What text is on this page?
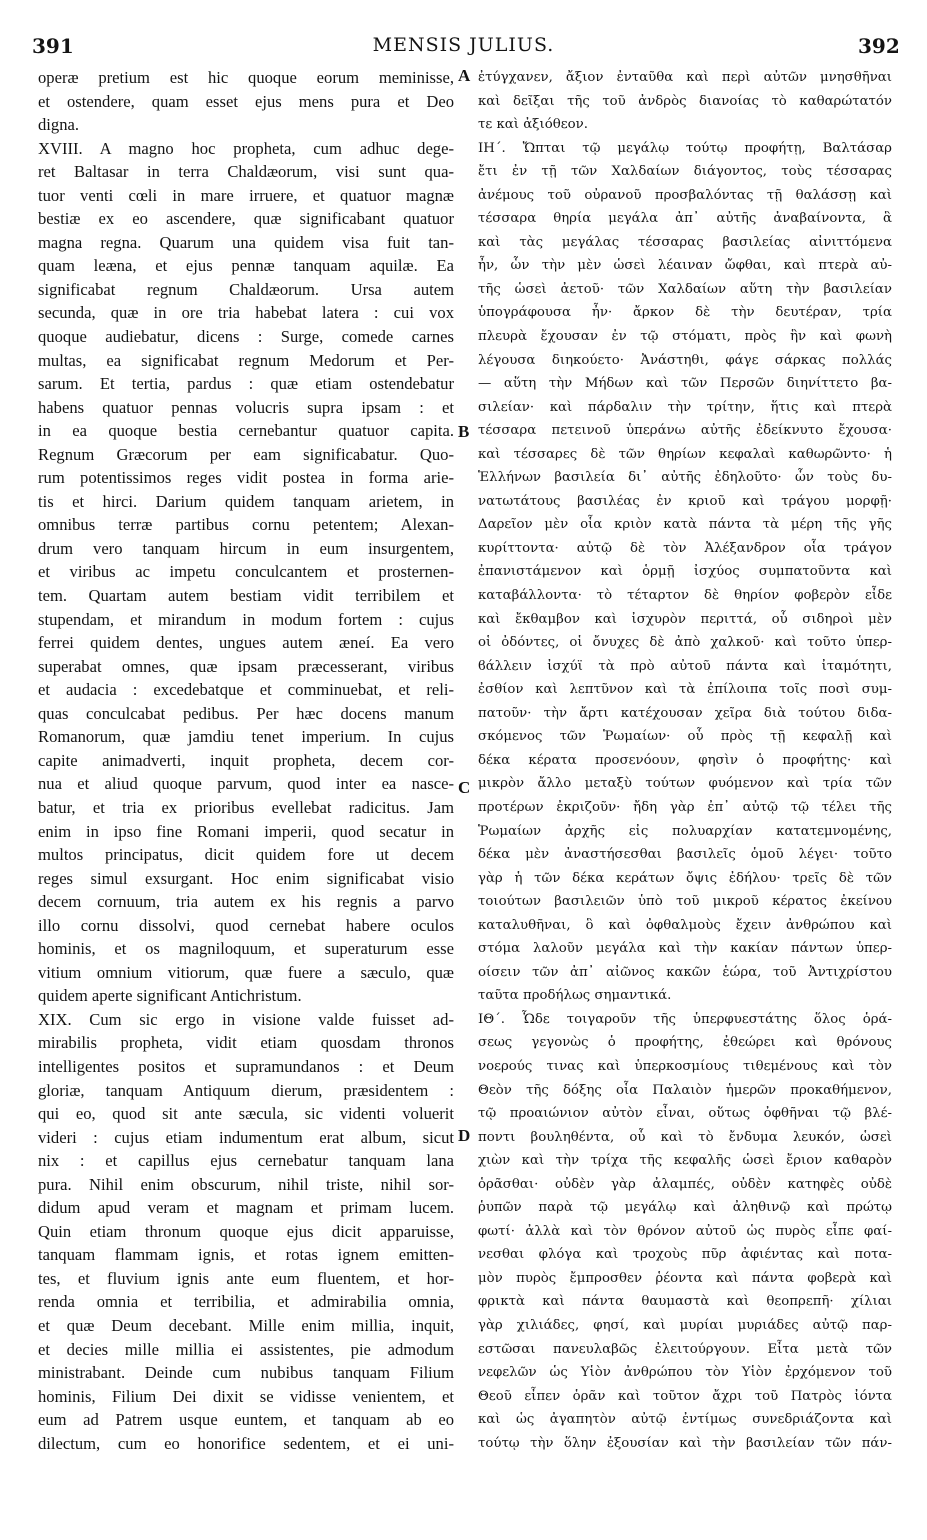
391	MENSIS JULIUS.	392
operæ pretium est hic quoque eorum meminisse,
et ostendere, quam esset ejus mens pura et Deo
digna.
XVIII. A magno hoc propheta, cum adhuc dege-
ret Baltasar in terra Chaldæorum, visi sunt qua-
tuor venti cœli in mare irruere, et quatuor magnæ
bestiæ ex eo ascendere, quæ significabant quatuor
magna regna. Quarum una quidem visa fuit tan-
quam leæna, et ejus pennæ tanquam aquilæ. Ea
significabat regnum Chaldæorum. Ursa autem
secunda, quæ in ore tria habebat latera : cui vox
quoque audiebatur, dicens : Surge, comede carnes
multas, ea significabat regnum Medorum et Per-
sarum. Et tertia, pardus : quæ etiam ostendebatur
habens quatuor pennas volucris supra ipsam : et
in ea quoque bestia cernebantur quatuor capita.
Regnum Græcorum per eam significabatur. Quo-
rum potentissimos reges vidit postea in forma arie-
tis et hirci. Darium quidem tanquam arietem, in
omnibus terræ partibus cornu petentem; Alexan-
drum vero tanquam hircum in eum insurgentem,
et viribus ac impetu conculcantem et prosternen-
tem. Quartam autem bestiam vidit terribilem et
stupendam, et mirandum in modum fortem : cujus
ferrei quidem dentes, ungues autem æneí. Ea vero
superabat omnes, quæ ipsam præcesserant, viribus
et audacia : excedebatque et comminuebat, et reli-
quas conculcabat pedibus. Per hæc docens manum
Romanorum, quæ jamdiu tenet imperium. In cujus
capite animadverti, inquit propheta, decem cor-
nua et aliud quoque parvum, quod inter ea nasce-
batur, et tria ex prioribus evellebat radicitus. Jam
enim in ipso fine Romani imperii, quod secatur in
multos principatus, dicit quidem fore ut decem
reges simul exsurgant. Hoc enim significabat visio
decem cornuum, tria autem ex his regnis a parvo
illo cornu dissolvi, quod cernebat habere oculos
hominis, et os magniloquum, et superaturum esse
vitium omnium vitiorum, quæ fuere a sæculo, quæ
quidem aperte significant Antichristum.
XIX. Cum sic ergo in visione valde fuisset ad-
mirabilis propheta, vidit etiam quosdam thronos
intelligentes positos et supramundanos : et Deum
gloriæ, tanquam Antiquum dierum, præsidentem :
qui eo, quod sit ante sæcula, sic videnti voluerit
videri : cujus etiam indumentum erat album, sicut
nix : et capillus ejus cernebatur tanquam lana
pura. Nihil enim obscurum, nihil triste, nihil sor-
didum apud veram et magnam et primam lucem.
Quin etiam thronum quoque ejus dicit apparuisse,
tanquam flammam ignis, et rotas ignem emitten-
tes, et fluvium ignis ante eum fluentem, et hor-
renda omnia et terribilia, et admirabilia omnia,
et quæ Deum decebant. Mille enim millia, inquit,
et decies mille millia ei assistentes, pie admodum
ministrabant. Deinde cum nubibus tanquam Filium
hominis, Filium Dei dixit se vidisse venientem, et
eum ad Patrem usque euntem, et tanquam ab eo
dilectum, cum eo honorifice sedentem, et ei uni-
ἐτύγχανεν, ἄξιον ἐνταῦθα καὶ περὶ αὐτῶν μνησθῆναι
καὶ δεῖξαι τῆς τοῦ ἀνδρὸς διανοίας τὸ καθαρώτατόν
τε καὶ ἀξιόθεον.
ΙΗ΄. Ὤπται τῷ μεγάλῳ τούτῳ προφήτῃ, Βαλτάσαρ
ἔτι ἐν τῇ τῶν Χαλδαίων διάγοντος, τοὺς τέσσαρας
ἀνέμους τοῦ οὐρανοῦ προσβαλόντας τῇ θαλάσσῃ καὶ
τέσσαρα θηρία μεγάλα ἀπ᾽ αὐτῆς ἀναβαίνοντα, ἃ
καὶ τὰς μεγάλας τέσσαρας βασιλείας αἰνιττόμενα
ἦν, ὧν τὴν μὲν ὡσεὶ λέαιναν ὤφθαι, καὶ πτερὰ αὐ-
τῆς ὡσεὶ ἀετοῦ· τῶν Χαλδαίων αὕτη τὴν βασιλείαν
ὑπογράφουσα ἦν· ἄρκον δὲ τὴν δευτέραν, τρία
πλευρὰ ἔχουσαν ἐν τῷ στόματι, πρὸς ἣν καὶ φωνὴ
λέγουσα διηκούετο· Ἀνάστηθι, φάγε σάρκας πολλάς
— αὕτη τὴν Μήδων καὶ τῶν Περσῶν διηνίττετο βα-
σιλείαν· καὶ πάρδαλιν τὴν τρίτην, ἥτις καὶ πτερὰ
τέσσαρα πετεινοῦ ὑπεράνω αὐτῆς ἐδείκνυτο ἔχουσα·
καὶ τέσσαρες δὲ τῶν θηρίων κεφαλαὶ καθωρῶντο· ἡ
Ἑλλήνων βασιλεία δι᾽ αὐτῆς ἐδηλοῦτο· ὧν τοὺς δυ-
νατωτάτους βασιλέας ἐν κριοῦ καὶ τράγου μορφῇ·
Δαρεῖον μὲν οἷα κριὸν κατὰ πάντα τὰ μέρη τῆς γῆς
κυρίττοντα· αὐτῷ δὲ τὸν Ἀλέξανδρον οἷα τράγον
ἐπανιστάμενον καὶ ὁρμῇ ἰσχύος συμπατοῦντα καὶ
καταβάλλοντα· τὸ τέταρτον δὲ θηρίον φοβερὸν εἶδε
καὶ ἔκθαμβον καὶ ἰσχυρὸν περιττά, οὗ σιδηροὶ μὲν
οἱ ὀδόντες, οἱ ὄνυχες δὲ ἀπὸ χαλκοῦ· καὶ τοῦτο ὑπερ-
ϐάλλειν ἰσχύϊ τὰ πρὸ αὐτοῦ πάντα καὶ ἰταμότητι,
ἐσθίον καὶ λεπτῦνον καὶ τὰ ἐπίλοιπα τοῖς ποσὶ συμ-
πατοῦν· τὴν ἄρτι κατέχουσαν χεῖρα διὰ τούτου διδα-
σκόμενος τῶν Ῥωμαίων· οὗ πρὸς τῇ κεφαλῇ καὶ
δέκα κέρατα προσενόουν, φησὶν ὁ προφήτης· καὶ
μικρὸν ἄλλο μεταξὺ τούτων φυόμενον καὶ τρία τῶν
προτέρων ἐκριζοῦν· ἤδη γὰρ ἐπ᾽ αὐτῷ τῷ τέλει τῆς
Ῥωμαίων ἀρχῆς εἰς πολυαρχίαν κατατεμνομένης,
δέκα μὲν ἀναστήσεσθαι βασιλεῖς ὁμοῦ λέγει· τοῦτο
γὰρ ἡ τῶν δέκα κεράτων ὄψις ἐδήλου· τρεῖς δὲ τῶν
τοιούτων βασιλειῶν ὑπὸ τοῦ μικροῦ κέρατος ἐκείνου
καταλυθῆναι, ὃ καὶ ὀφθαλμοὺς ἔχειν ἀνθρώπου καὶ
στόμα λαλοῦν μεγάλα καὶ τὴν κακίαν πάντων ὑπερ-
οίσειν τῶν ἀπ᾽ αἰῶνος κακῶν ἑώρα, τοῦ Ἀντιχρίστου
ταῦτα προδήλως σημαντικά.
ΙΘ΄. Ὧδε τοιγαροῦν τῆς ὑπερφυεστάτης ὅλος ὁρά-
σεως γεγονὼς ὁ προφήτης, ἐθεώρει καὶ θρόνους
νοερούς τινας καὶ ὑπερκοσμίους τιθεμένους καὶ τὸν
Θεὸν τῆς δόξης οἷα Παλαιὸν ἡμερῶν προκαθήμενον,
τῷ προαιώνιον αὐτὸν εἶναι, οὕτως ὀφθῆναι τῷ βλέ-
ποντι βουληθέντα, οὗ καὶ τὸ ἔνδυμα λευκόν, ὡσεὶ
χιὼν καὶ τὴν τρίχα τῆς κεφαλῆς ὡσεὶ ἔριον καθαρὸν
ὁρᾶσθαι· οὐδὲν γὰρ ἀλαμπές, οὐδὲν κατηφὲς οὐδὲ
ῥυπῶν παρὰ τῷ μεγάλῳ καὶ ἀληθινῷ καὶ πρώτῳ
φωτί· ἀλλὰ καὶ τὸν θρόνον αὐτοῦ ὡς πυρὸς εἶπε φαί-
νεσθαι φλόγα καὶ τροχοὺς πῦρ ἀφιέντας καὶ ποτα-
μὸν πυρὸς ἔμπροσθεν ῥέοντα καὶ πάντα φοβερὰ καὶ
φρικτὰ καὶ πάντα θαυμαστὰ καὶ θεοπρεπῆ· χίλιαι
γὰρ χιλιάδες, φησί, καὶ μυρίαι μυριάδες αὐτῷ παρ-
εστῶσαι πανευλαβῶς ἐλειτούργουν. Εἶτα μετὰ τῶν
νεφελῶν ὡς Υἱὸν ἀνθρώπου τὸν Υἱὸν ἐρχόμενον τοῦ
Θεοῦ εἶπεν ὁρᾶν καὶ τοῦτον ἄχρι τοῦ Πατρὸς ἰόντα
καὶ ὡς ἀγαπητὸν αὐτῷ ἐντίμως συνεδριάζοντα καὶ
τούτῳ τὴν ὅλην ἐξουσίαν καὶ τὴν βασιλείαν τῶν πάν-
A
B
C
D
